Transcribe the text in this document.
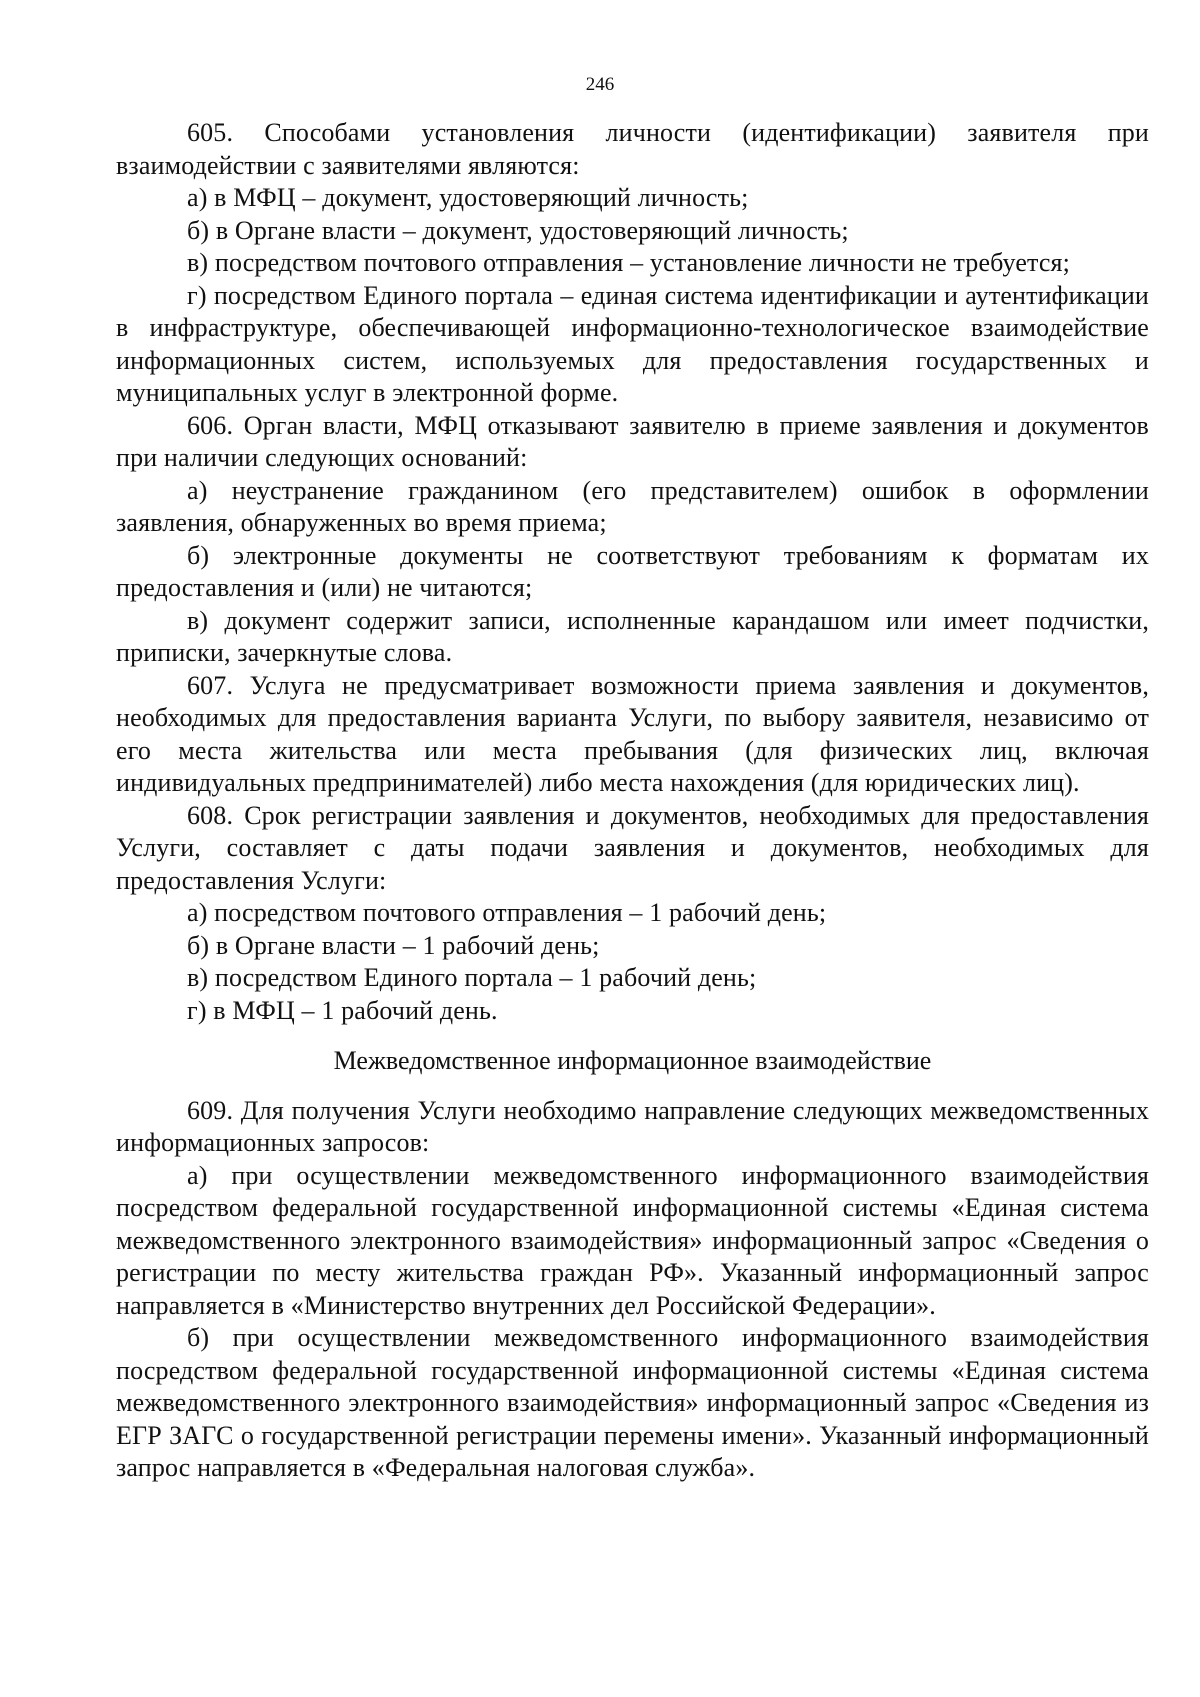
246

605. Способами установления личности (идентификации) заявителя при взаимодействии с заявителями являются:

а) в МФЦ – документ, удостоверяющий личность;

б) в Органе власти – документ, удостоверяющий личность;

в) посредством почтового отправления – установление личности не требуется;

г) посредством Единого портала – единая система идентификации и аутентификации в инфраструктуре, обеспечивающей информационно-технологическое взаимодействие информационных систем, используемых для предоставления государственных и муниципальных услуг в электронной форме.

606. Орган власти, МФЦ отказывают заявителю в приеме заявления и документов при наличии следующих оснований:

а) неустранение гражданином (его представителем) ошибок в оформлении заявления, обнаруженных во время приема;

б) электронные документы не соответствуют требованиям к форматам их предоставления и (или) не читаются;

в) документ содержит записи, исполненные карандашом или имеет подчистки, приписки, зачеркнутые слова.

607. Услуга не предусматривает возможности приема заявления и документов, необходимых для предоставления варианта Услуги, по выбору заявителя, независимо от его места жительства или места пребывания (для физических лиц, включая индивидуальных предпринимателей) либо места нахождения (для юридических лиц).

608. Срок регистрации заявления и документов, необходимых для предоставления Услуги, составляет с даты подачи заявления и документов, необходимых для предоставления Услуги:

а) посредством почтового отправления – 1 рабочий день;

б) в Органе власти – 1 рабочий день;

в) посредством Единого портала – 1 рабочий день;

г) в МФЦ – 1 рабочий день.

Межведомственное информационное взаимодействие

609. Для получения Услуги необходимо направление следующих межведомственных информационных запросов:

а) при осуществлении межведомственного информационного взаимодействия посредством федеральной государственной информационной системы «Единая система межведомственного электронного взаимодействия» информационный запрос «Сведения о регистрации по месту жительства граждан РФ». Указанный информационный запрос направляется в «Министерство внутренних дел Российской Федерации».

б) при осуществлении межведомственного информационного взаимодействия посредством федеральной государственной информационной системы «Единая система межведомственного электронного взаимодействия» информационный запрос «Сведения из ЕГР ЗАГС о государственной регистрации перемены имени». Указанный информационный запрос направляется в «Федеральная налоговая служба».
